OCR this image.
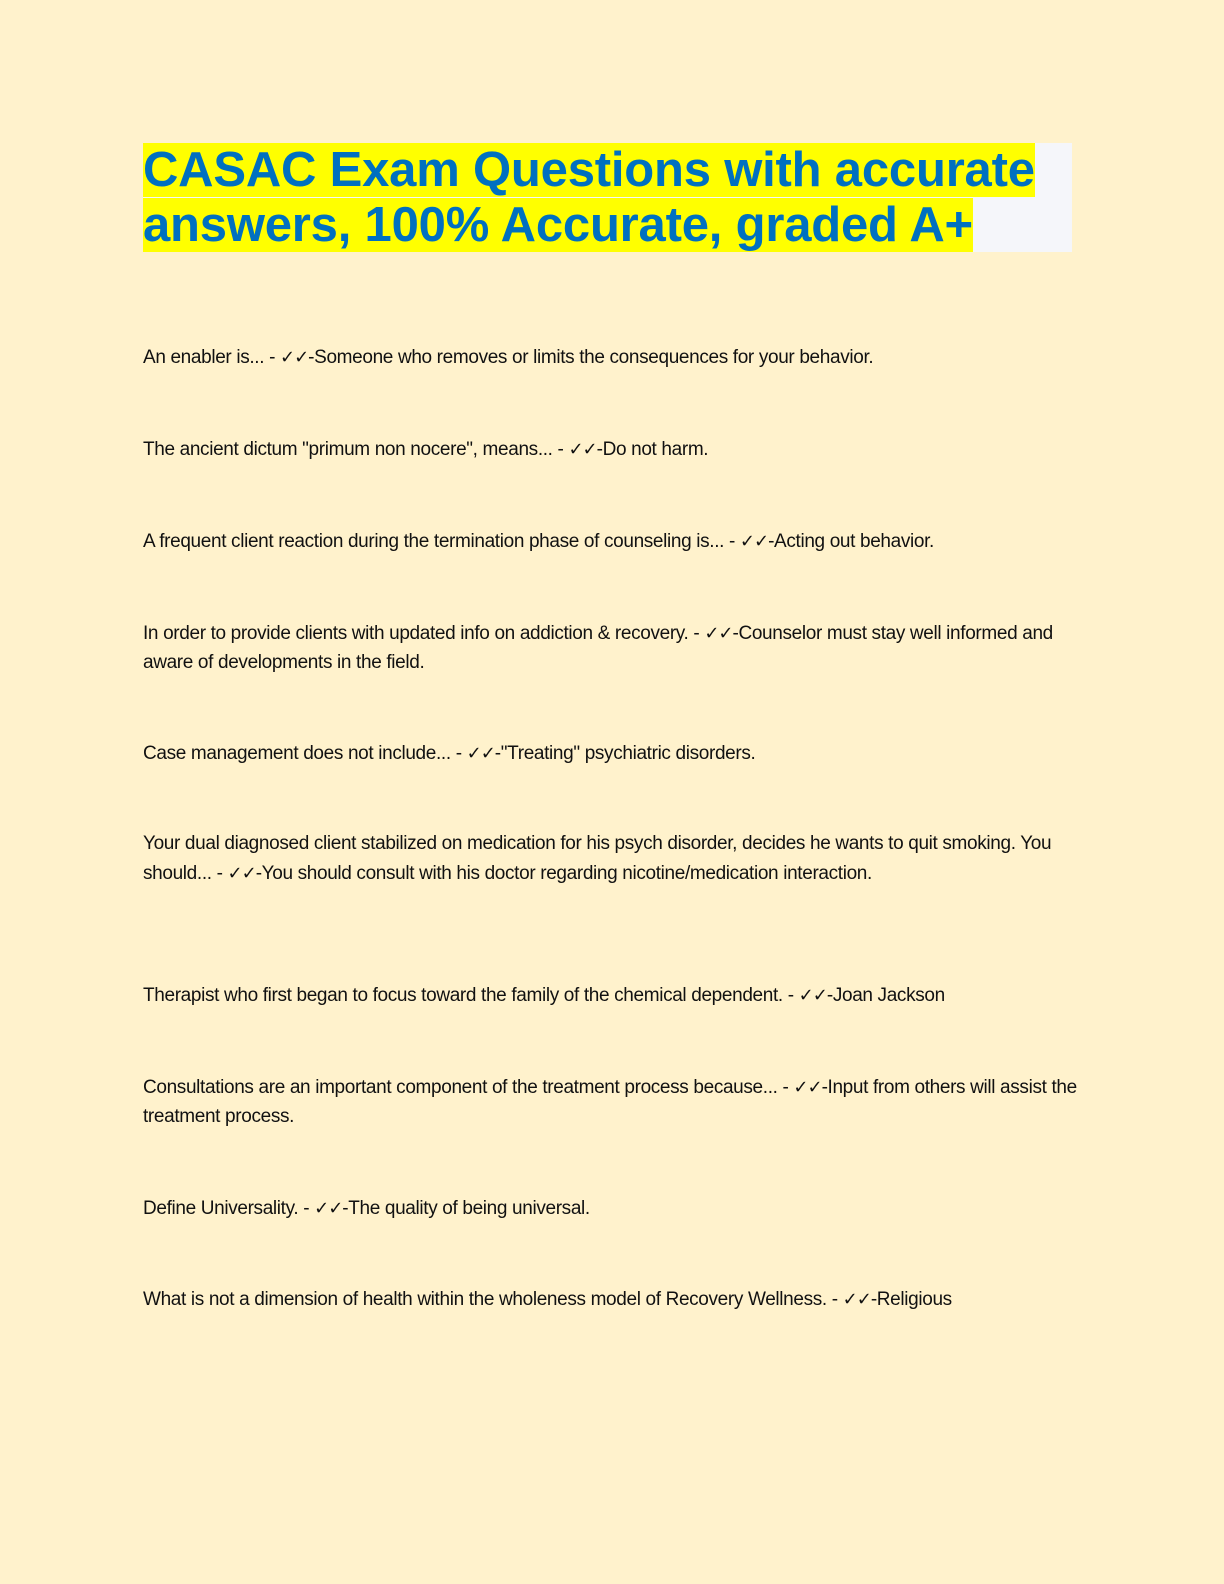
CASAC Exam Questions with accurate
answers, 100% Accurate, graded A+

An enabler is... - ✓✓-Someone who removes or limits the consequences for your behavior.

The ancient dictum "primum non nocere", means... - ✓✓-Do not harm.

A frequent client reaction during the termination phase of counseling is... - ✓✓-Acting out behavior.

In order to provide clients with updated info on addiction & recovery. - ✓✓-Counselor must stay well informed and aware of developments in the field.

Case management does not include... - ✓✓-"Treating" psychiatric disorders.

Your dual diagnosed client stabilized on medication for his psych disorder, decides he wants to quit smoking. You should... - ✓✓-You should consult with his doctor regarding nicotine/medication interaction.

Therapist who first began to focus toward the family of the chemical dependent. - ✓✓-Joan Jackson

Consultations are an important component of the treatment process because... - ✓✓-Input from others will assist the treatment process.

Define Universality. - ✓✓-The quality of being universal.

What is not a dimension of health within the wholeness model of Recovery Wellness. - ✓✓-Religious
